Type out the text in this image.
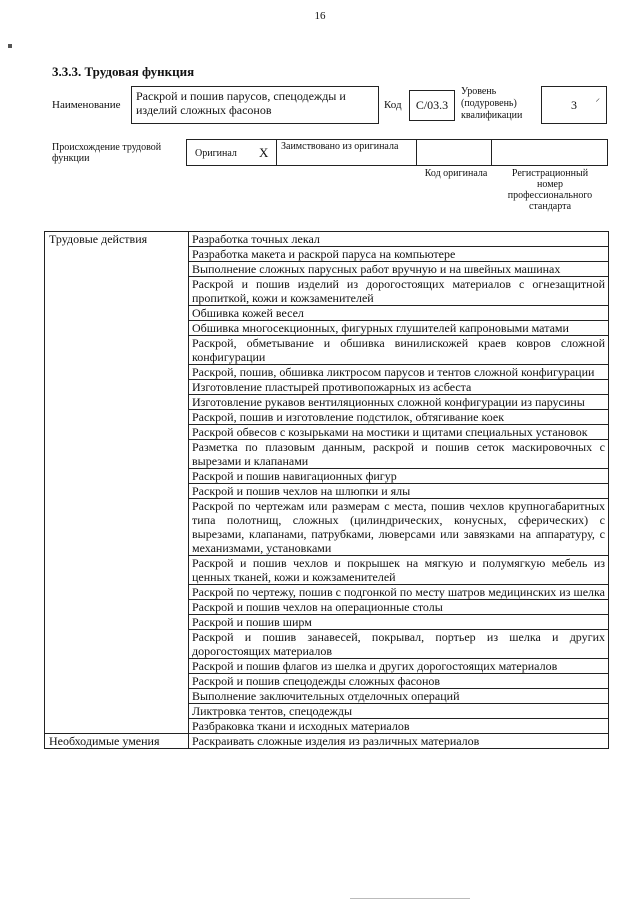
16
3.3.3. Трудовая функция
Наименование
Раскрой и пошив парусов, спецодежды и изделий сложных фасонов	Код	С/03.3
Уровень (подуровень) квалификации
3 ⸝
Происхождение трудовой функции	Оригинал X Заимствовано из оригинала
Код оригинала	Регистрационный номер профессионального стандарта
Трудовые действия	Разработка точных лекал
	Разработка макета и раскрой паруса на компьютере
	Выполнение сложных парусных работ вручную и на швейных машинах
	Раскрой и пошив изделий из дорогостоящих материалов с огнезащитной пропиткой, кожи и кожзаменителей
	Обшивка кожей весел
	Обшивка многосекционных, фигурных глушителей капроновыми матами
	Раскрой, обметывание и обшивка винилискожей краев ковров сложной конфигурации
	Раскрой, пошив, обшивка ликтросом парусов и тентов сложной конфигурации
	Изготовление пластырей противопожарных из асбеста
	Изготовление рукавов вентиляционных сложной конфигурации из парусины
	Раскрой, пошив и изготовление подстилок, обтягивание коек
	Раскрой обвесов с козырьками на мостики и щитами специальных установок
	Разметка по плазовым данным, раскрой и пошив сеток маскировочных с вырезами и клапанами
	Раскрой и пошив навигационных фигур
	Раскрой и пошив чехлов на шлюпки и ялы
	Раскрой по чертежам или размерам с места, пошив чехлов крупногабаритных типа полотнищ, сложных (цилиндрических, конусных, сферических) с вырезами, клапанами, патрубками, люверсами или завязками на аппаратуру, с механизмами, установками
	Раскрой и пошив чехлов и покрышек на мягкую и полумягкую мебель из ценных тканей, кожи и кожзаменителей
	Раскрой по чертежу, пошив с подгонкой по месту шатров медицинских из шелка
	Раскрой и пошив чехлов на операционные столы
	Раскрой и пошив ширм
	Раскрой и пошив занавесей, покрывал, портьер из шелка и других дорогостоящих материалов
	Раскрой и пошив флагов из шелка и других дорогостоящих материалов
	Раскрой и пошив спецодежды сложных фасонов
	Выполнение заключительных отделочных операций
	Ликтровка тентов, спецодежды
	Разбраковка ткани и исходных материалов
Необходимые умения	Раскраивать сложные изделия из различных материалов
